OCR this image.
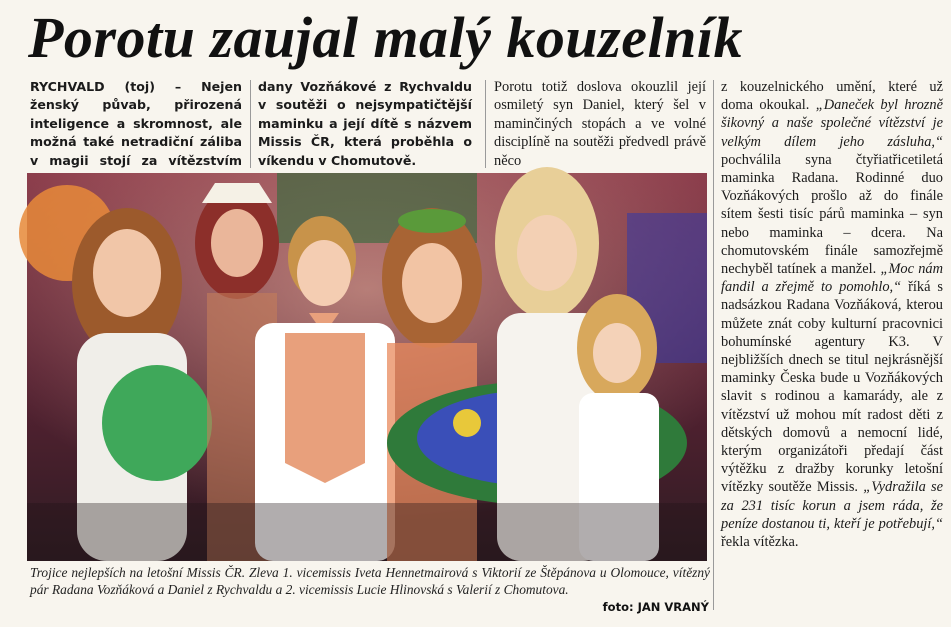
Porotu zaujal malý kouzelník

RYCHVALD (toj) – Nejen ženský půvab, přirozená inteligence a skromnost, ale možná také netradiční záliba v magii stojí za vítězstvím

dany Vozňákové z Rychvaldu v soutěži o nejsympatičtější maminku a její dítě s názvem Missis ČR, která proběhla o víkendu v Chomutově.

Porotu totiž doslova okouzlil její osmiletý syn Daniel, který šel v maminčiných stopách a ve volné disciplíně na soutěži předvedl právě něco

z kouzelnického umění, které už doma okoukal. „Daneček byl hrozně šikovný a naše společné vítězství je velkým dílem jeho zásluha,“ pochválila syna čtyřiatřicetiletá maminka Radana. Rodinné duo Vozňákových prošlo až do finále sítem šesti tisíc párů maminka – syn nebo maminka – dcera. Na chomutovském finále samozřejmě nechyběl tatínek a manžel. „Moc nám fandil a zřejmě to pomohlo,“ říká s nadsázkou Radana Vozňáková, kterou můžete znát coby kulturní pracovnici bohumínské agentury K3. V nejbližších dnech se titul nejkrásnější maminky Česka bude u Vozňákových slavit s rodinou a kamarády, ale z vítězství už mohou mít radost děti z dětských domovů a nemocní lidé, kterým organizátoři předají část výtěžku z dražby korunky letošní vítězky soutěže Missis. „Vydražila se za 231 tisíc korun a jsem ráda, že peníze dostanou ti, kteří je potřebují,“ řekla vítězka.

Trojice nejlepších na letošní Missis ČR. Zleva 1. vicemissis Iveta Hennetmairová s Viktorií ze Štěpánova u Olomouce, vítězný pár Radana Vozňáková a Daniel z Rychvaldu a 2. vicemissis Lucie Hlinovská s Valerií z Chomutova.

foto: JAN VRANÝ
